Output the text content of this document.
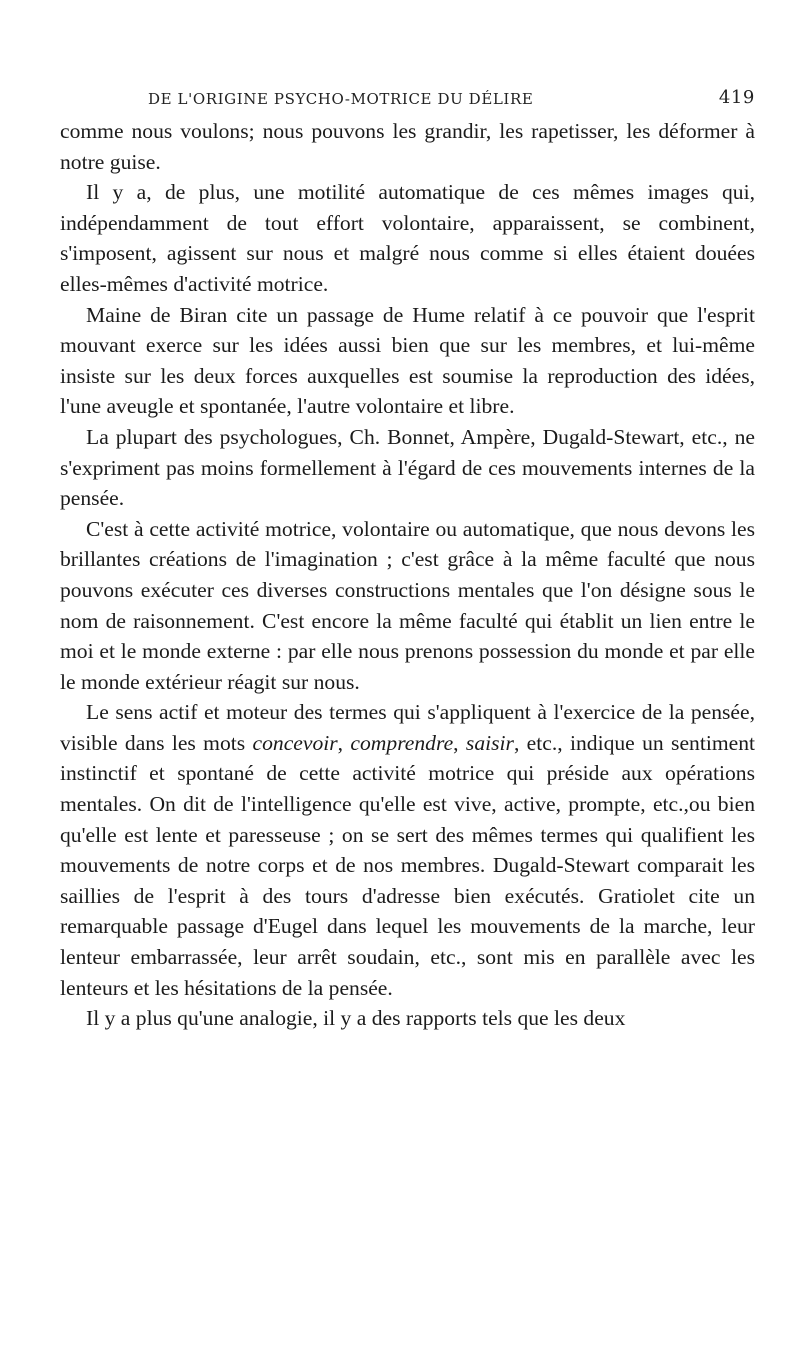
DE L'ORIGINE PSYCHO-MOTRICE DU DÉLIRE	419

comme nous voulons; nous pouvons les grandir, les rapetisser, les déformer à notre guise.

Il y a, de plus, une motilité automatique de ces mêmes images qui, indépendamment de tout effort volontaire, apparaissent, se combinent, s'imposent, agissent sur nous et malgré nous comme si elles étaient douées elles-mêmes d'activité motrice.

Maine de Biran cite un passage de Hume relatif à ce pouvoir que l'esprit mouvant exerce sur les idées aussi bien que sur les membres, et lui-même insiste sur les deux forces auxquelles est soumise la reproduction des idées, l'une aveugle et spontanée, l'autre volontaire et libre.

La plupart des psychologues, Ch. Bonnet, Ampère, Dugald-Stewart, etc., ne s'expriment pas moins formellement à l'égard de ces mouvements internes de la pensée.

C'est à cette activité motrice, volontaire ou automatique, que nous devons les brillantes créations de l'imagination ; c'est grâce à la même faculté que nous pouvons exécuter ces diverses constructions mentales que l'on désigne sous le nom de raisonnement. C'est encore la même faculté qui établit un lien entre le moi et le monde externe : par elle nous prenons possession du monde et par elle le monde extérieur réagit sur nous.

Le sens actif et moteur des termes qui s'appliquent à l'exercice de la pensée, visible dans les mots concevoir, comprendre, saisir, etc., indique un sentiment instinctif et spontané de cette activité motrice qui préside aux opérations mentales. On dit de l'intelligence qu'elle est vive, active, prompte, etc.,ou bien qu'elle est lente et paresseuse ; on se sert des mêmes termes qui qualifient les mouvements de notre corps et de nos membres. Dugald-Stewart comparait les saillies de l'esprit à des tours d'adresse bien exécutés. Gratiolet cite un remarquable passage d'Eugel dans lequel les mouvements de la marche, leur lenteur embarrassée, leur arrêt soudain, etc., sont mis en parallèle avec les lenteurs et les hésitations de la pensée.

Il y a plus qu'une analogie, il y a des rapports tels que les deux
